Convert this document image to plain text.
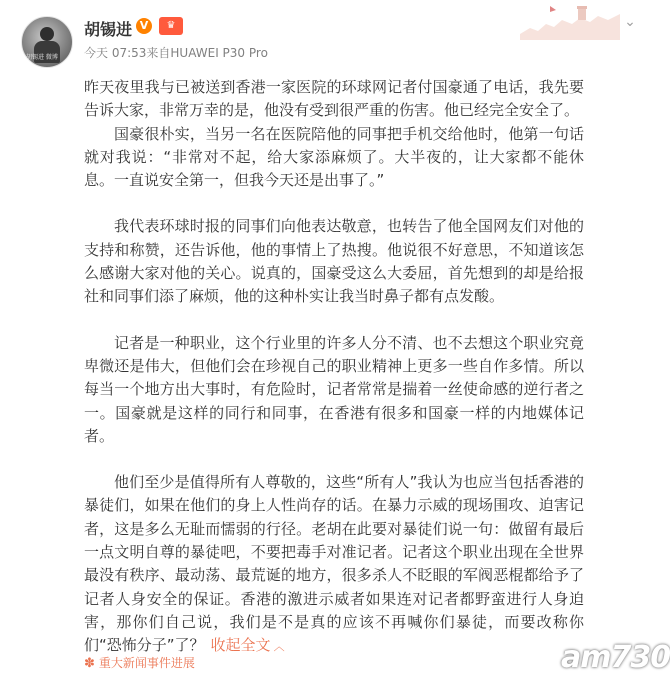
胡锡进 微博
胡锡进 V	♛
今天 07:53来自HUAWEI P30 Pro
⌄

昨天夜里我与已被送到香港一家医院的环球网记者付国豪通了电话，我先要告诉大家，非常万幸的是，他没有受到很严重的伤害。他已经完全安全了。

国豪很朴实，当另一名在医院陪他的同事把手机交给他时，他第一句话就对我说：“非常对不起，给大家添麻烦了。大半夜的，让大家都不能休息。一直说安全第一，但我今天还是出事了。”

我代表环球时报的同事们向他表达敬意，也转告了他全国网友们对他的支持和称赞，还告诉他，他的事情上了热搜。他说很不好意思，不知道该怎么感谢大家对他的关心。说真的，国豪受这么大委屈，首先想到的却是给报社和同事们添了麻烦，他的这种朴实让我当时鼻子都有点发酸。

记者是一种职业，这个行业里的许多人分不清、也不去想这个职业究竟卑微还是伟大，但他们会在珍视自己的职业精神上更多一些自作多情。所以每当一个地方出大事时，有危险时，记者常常是揣着一丝使命感的逆行者之一。国豪就是这样的同行和同事，在香港有很多和国豪一样的内地媒体记者。

他们至少是值得所有人尊敬的，这些“所有人”我认为也应当包括香港的暴徒们，如果在他们的身上人性尚存的话。在暴力示威的现场围攻、迫害记者，这是多么无耻而懦弱的行径。老胡在此要对暴徒们说一句：做留有最后一点文明自尊的暴徒吧，不要把毒手对准记者。记者这个职业出现在全世界最没有秩序、最动荡、最荒诞的地方，很多杀人不眨眼的军阀恶棍都给予了记者人身安全的保证。香港的激进示威者如果连对记者都野蛮进行人身迫害，那你们自己说，我们是不是真的应该不再喊你们暴徒，而要改称你们“恐怖分子”了？ 收起全文 ︿

✽ 重大新闻事件进展	am730
